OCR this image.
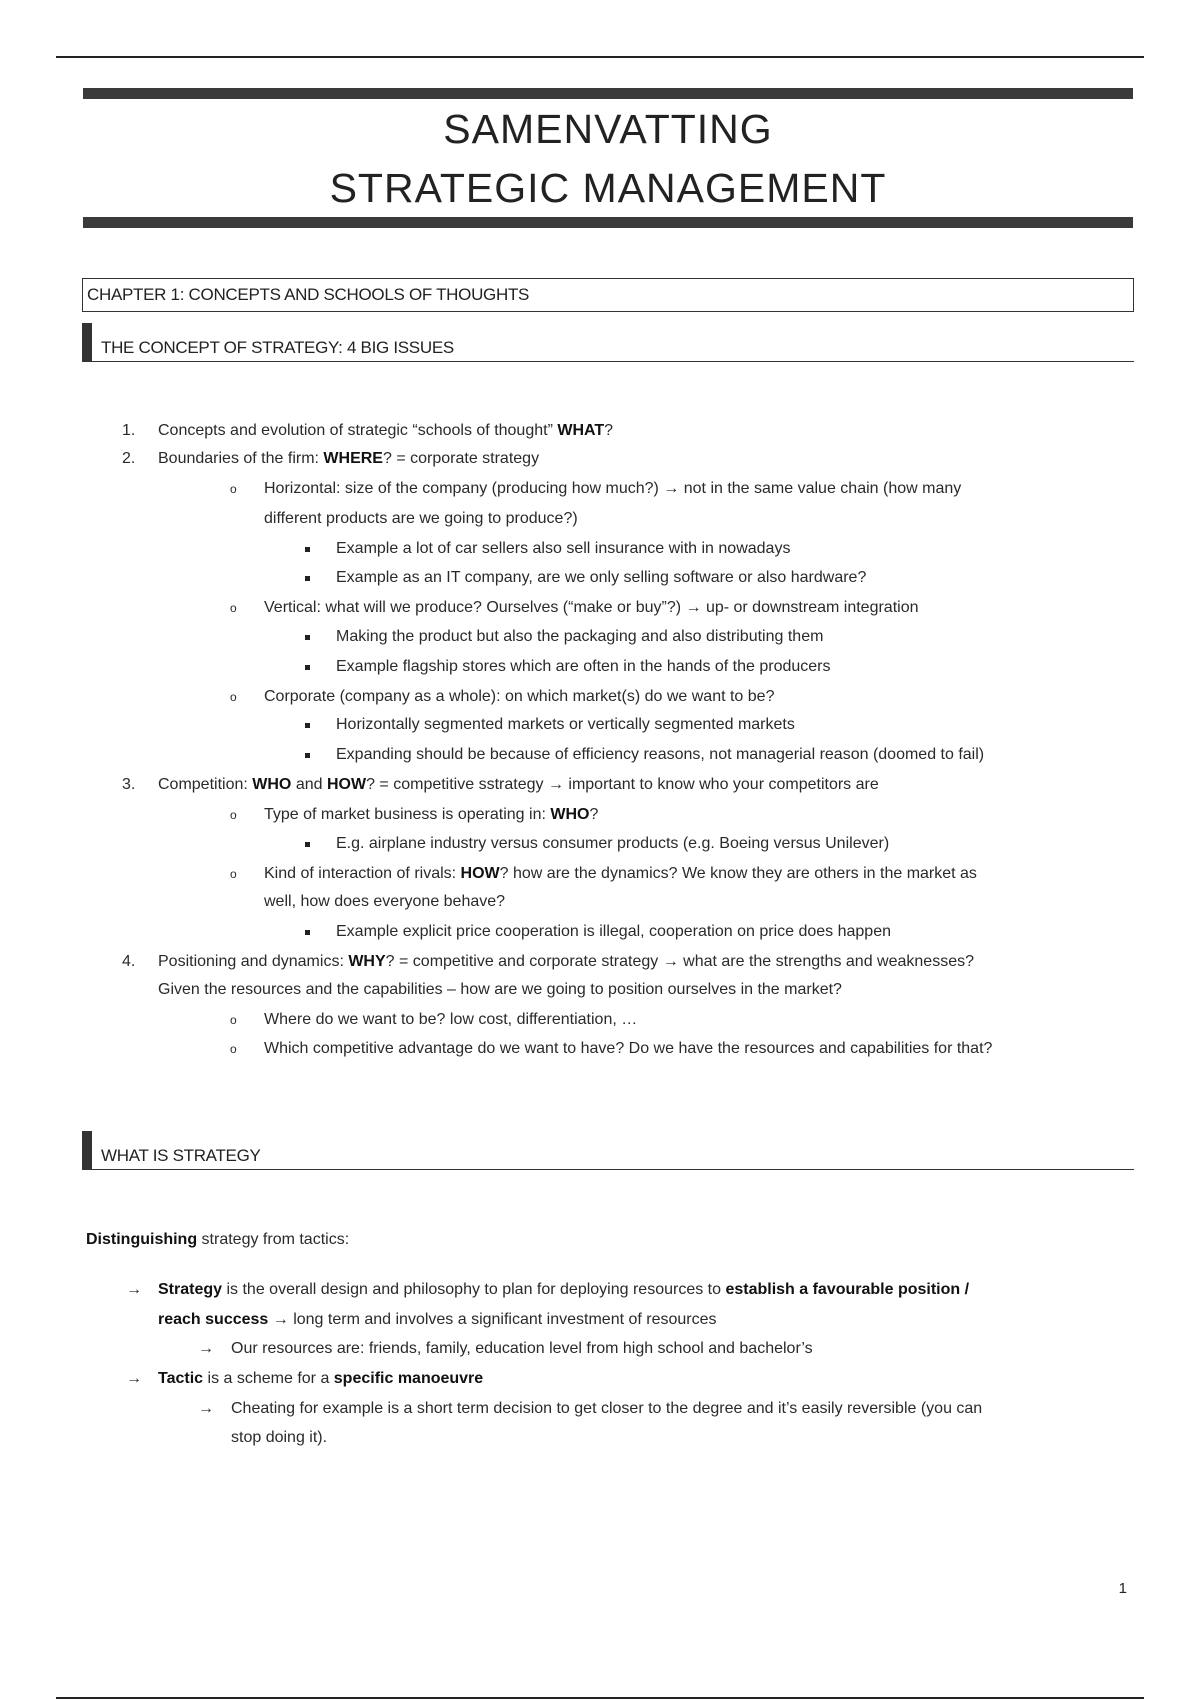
SAMENVATTING
STRATEGIC MANAGEMENT
CHAPTER 1: CONCEPTS AND SCHOOLS OF THOUGHTS
THE CONCEPT OF STRATEGY: 4 BIG ISSUES
1. Concepts and evolution of strategic “schools of thought” WHAT?
2. Boundaries of the firm: WHERE? = corporate strategy
o Horizontal: size of the company (producing how much?) → not in the same value chain (how many
different products are we going to produce?)
Example a lot of car sellers also sell insurance with in nowadays
Example as an IT company, are we only selling software or also hardware?
o Vertical: what will we produce? Ourselves (“make or buy”?) → up- or downstream integration
Making the product but also the packaging and also distributing them
Example flagship stores which are often in the hands of the producers
o Corporate (company as a whole): on which market(s) do we want to be?
Horizontally segmented markets or vertically segmented markets
Expanding should be because of efficiency reasons, not managerial reason (doomed to fail)
3. Competition: WHO and HOW? = competitive sstrategy → important to know who your competitors are
o Type of market business is operating in: WHO?
E.g. airplane industry versus consumer products (e.g. Boeing versus Unilever)
o Kind of interaction of rivals: HOW? how are the dynamics? We know they are others in the market as
well, how does everyone behave?
Example explicit price cooperation is illegal, cooperation on price does happen
4. Positioning and dynamics: WHY? = competitive and corporate strategy → what are the strengths and weaknesses?
Given the resources and the capabilities – how are we going to position ourselves in the market?
o Where do we want to be? low cost, differentiation, …
o Which competitive advantage do we want to have? Do we have the resources and capabilities for that?
WHAT IS STRATEGY
Distinguishing strategy from tactics:
→ Strategy is the overall design and philosophy to plan for deploying resources to establish a favourable position /
reach success → long term and involves a significant investment of resources
→ Our resources are: friends, family, education level from high school and bachelor’s
→ Tactic is a scheme for a specific manoeuvre
→ Cheating for example is a short term decision to get closer to the degree and it’s easily reversible (you can
stop doing it).
1
